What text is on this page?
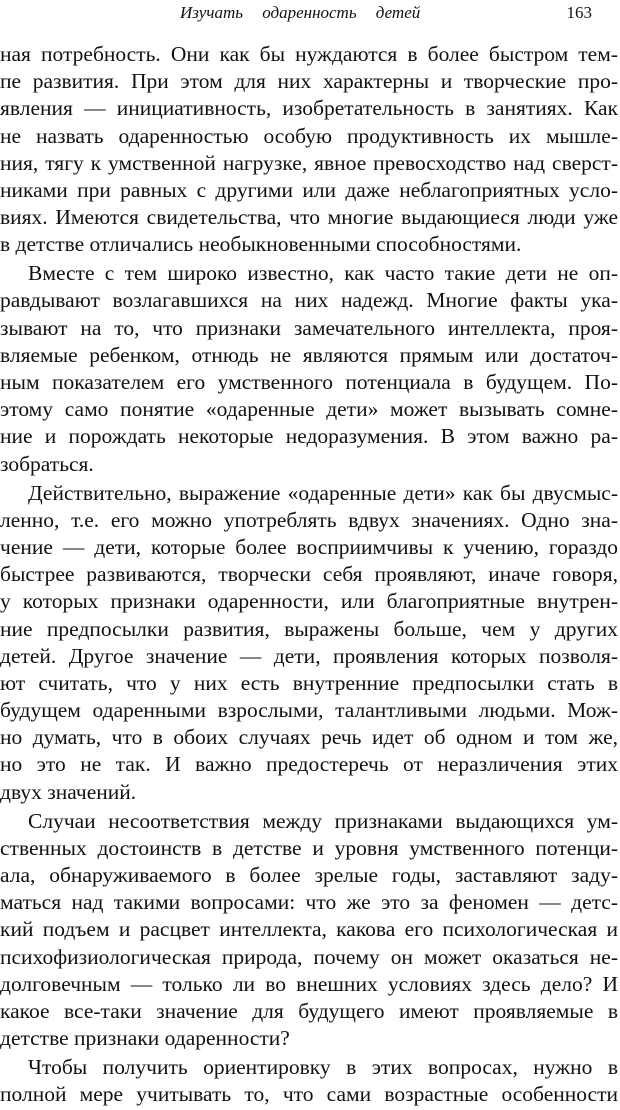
Изучать одаренность детей	163
ная потребность. Они как бы нуждаются в более быстром тем-
пе развития. При этом для них характерны и творческие про-
явления — инициативность, изобретательность в занятиях. Как
не назвать одаренностью особую продуктивность их мышле-
ния, тягу к умственной нагрузке, явное превосходство над сверст-
никами при равных с другими или даже неблагоприятных усло-
виях. Имеются свидетельства, что многие выдающиеся люди уже
в детстве отличались необыкновенными способностями.
Вместе с тем широко известно, как часто такие дети не оп-
равдывают возлагавшихся на них надежд. Многие факты ука-
зывают на то, что признаки замечательного интеллекта, проя-
вляемые ребенком, отнюдь не являются прямым или достаточ-
ным показателем его умственного потенциала в будущем. По-
этому само понятие «одаренные дети» может вызывать сомне-
ние и порождать некоторые недоразумения. В этом важно ра-
зобраться.
Действительно, выражение «одаренные дети» как бы двусмыс-
ленно, т.е. его можно употреблять вдвух значениях. Одно зна-
чение — дети, которые более восприимчивы к учению, гораздо
быстрее развиваются, творчески себя проявляют, иначе говоря,
у которых признаки одаренности, или благоприятные внутрен-
ние предпосылки развития, выражены больше, чем у других
детей. Другое значение — дети, проявления которых позволя-
ют считать, что у них есть внутренние предпосылки стать в
будущем одаренными взрослыми, талантливыми людьми. Мож-
но думать, что в обоих случаях речь идет об одном и том же,
но это не так. И важно предостеречь от неразличения этих
двух значений.
Случаи несоответствия между признаками выдающихся ум-
ственных достоинств в детстве и уровня умственного потенци-
ала, обнаруживаемого в более зрелые годы, заставляют заду-
маться над такими вопросами: что же это за феномен — детс-
кий подъем и расцвет интеллекта, какова его психологическая и
психофизиологическая природа, почему он может оказаться не-
долговечным — только ли во внешних условиях здесь дело? И
какое все-таки значение для будущего имеют проявляемые в
детстве признаки одаренности?
Чтобы получить ориентировку в этих вопросах, нужно в
полной мере учитывать то, что сами возрастные особенности
